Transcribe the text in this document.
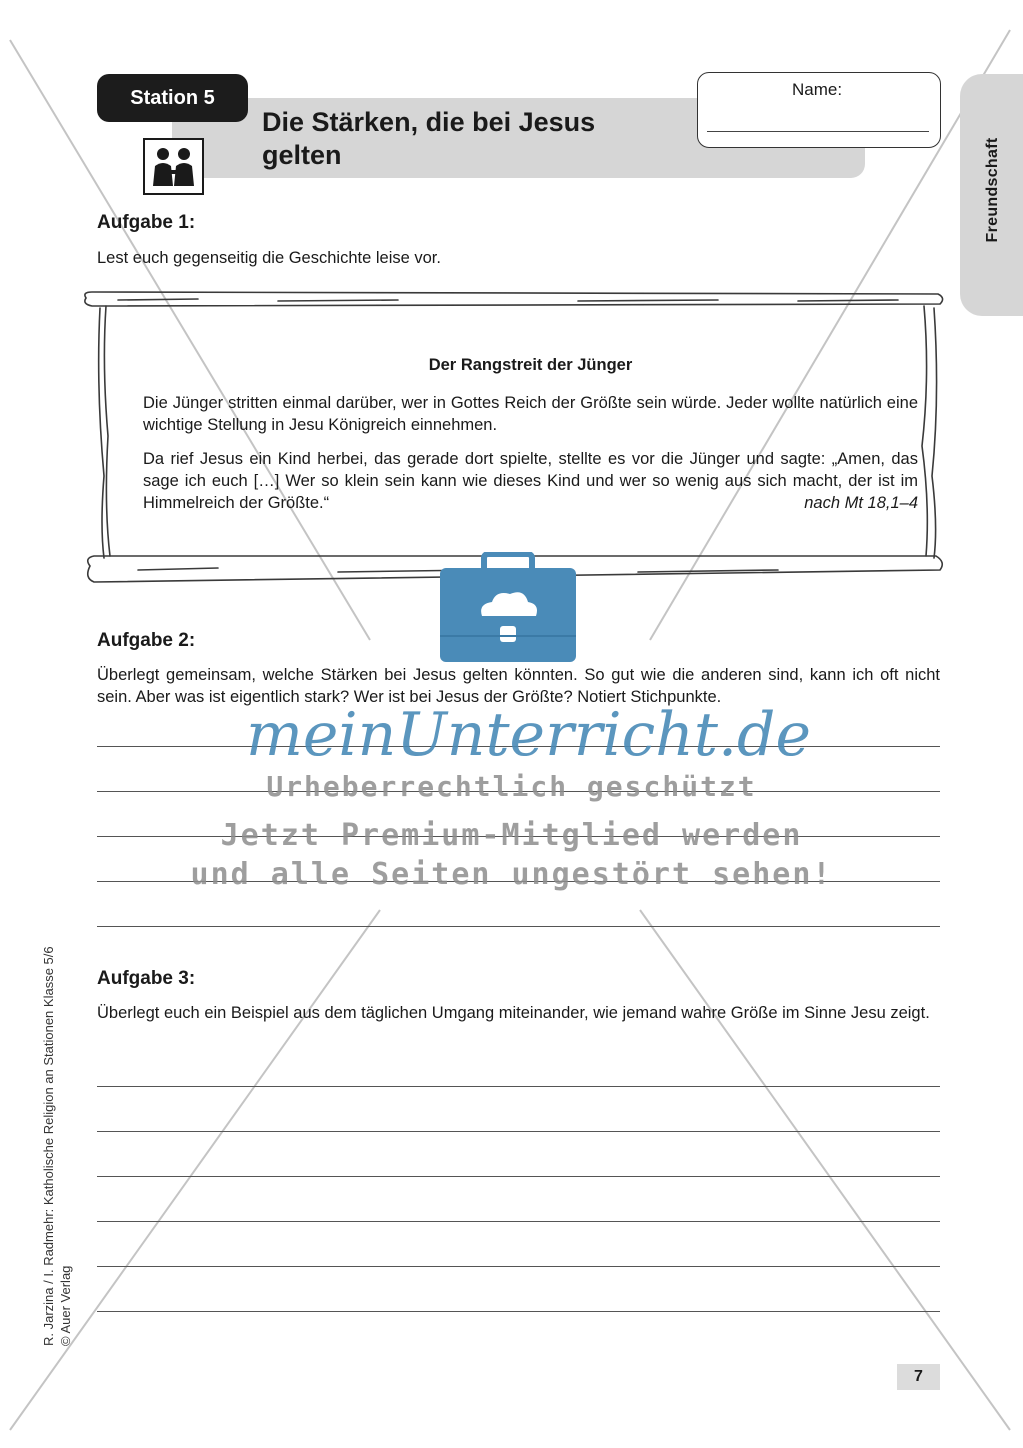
Station 5
Die Stärken, die bei Jesus gelten
Name:
Freundschaft
Aufgabe 1:
Lest euch gegenseitig die Geschichte leise vor.
Der Rangstreit der Jünger
Die Jünger stritten einmal darüber, wer in Gottes Reich der Größte sein würde. Jeder wollte natürlich eine wichtige Stellung in Jesu Königreich einnehmen.
Da rief Jesus ein Kind herbei, das gerade dort spielte, stellte es vor die Jünger und sagte: „Amen, das sage ich euch […] Wer so klein sein kann wie dieses Kind und wer so wenig aus sich macht, der ist im Himmelreich der Größte.“	nach Mt 18,1–4
Aufgabe 2:
Überlegt gemeinsam, welche Stärken bei Jesus gelten könnten. So gut wie die anderen sind, kann ich oft nicht sein. Aber was ist eigentlich stark? Wer ist bei Jesus der Größte? Notiert Stichpunkte.
meinUnterricht.de
Urheberrechtlich geschützt
Jetzt Premium-Mitglied werden
und alle Seiten ungestört sehen!
Aufgabe 3:
Überlegt euch ein Beispiel aus dem täglichen Umgang miteinander, wie jemand wahre Größe im Sinne Jesu zeigt.
R. Jarzina / I. Radmehr: Katholische Religion an Stationen Klasse 5/6 © Auer Verlag
7
